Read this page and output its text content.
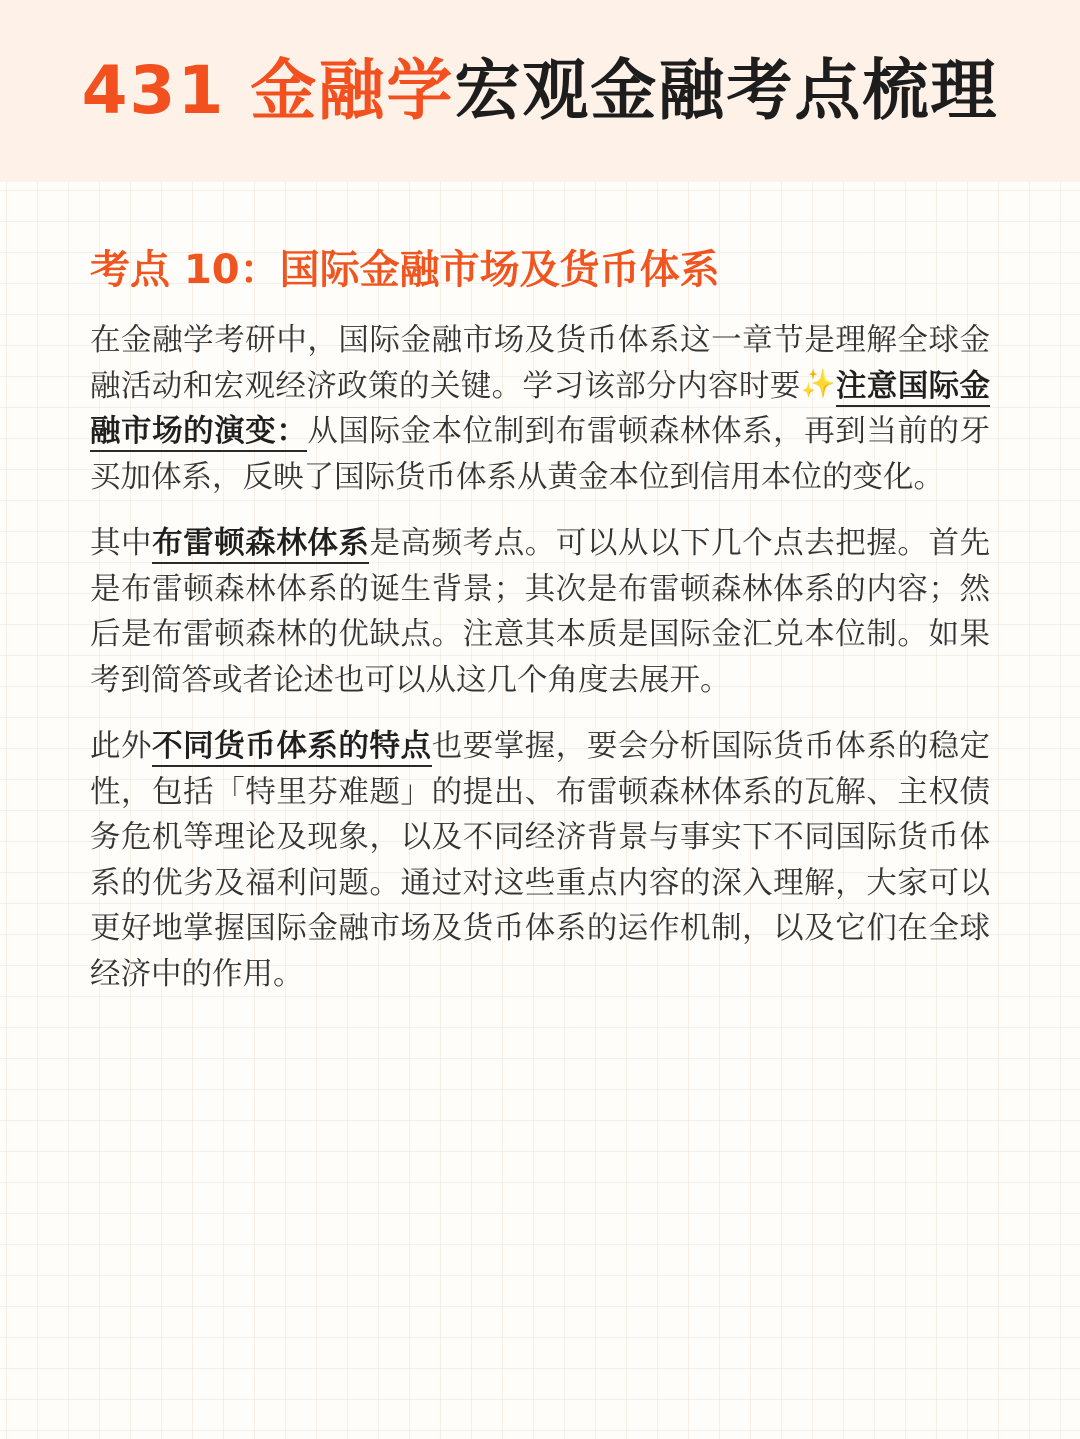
431 金融学宏观金融考点梳理
考点 10：国际金融市场及货币体系

在金融学考研中，国际金融市场及货币体系这一章节是理解全球金融活动和宏观经济政策的关键。学习该部分内容时要✨注意国际金融市场的演变：从国际金本位制到布雷顿森林体系，再到当前的牙买加体系，反映了国际货币体系从黄金本位到信用本位的变化。

其中布雷顿森林体系是高频考点。可以从以下几个点去把握。首先是布雷顿森林体系的诞生背景；其次是布雷顿森林体系的内容；然后是布雷顿森林的优缺点。注意其本质是国际金汇兑本位制。如果考到简答或者论述也可以从这几个角度去展开。

此外不同货币体系的特点也要掌握，要会分析国际货币体系的稳定性，包括「特里芬难题」的提出、布雷顿森林体系的瓦解、主权债务危机等理论及现象，以及不同经济背景与事实下不同国际货币体系的优劣及福利问题。通过对这些重点内容的深入理解，大家可以更好地掌握国际金融市场及货币体系的运作机制，以及它们在全球经济中的作用。
